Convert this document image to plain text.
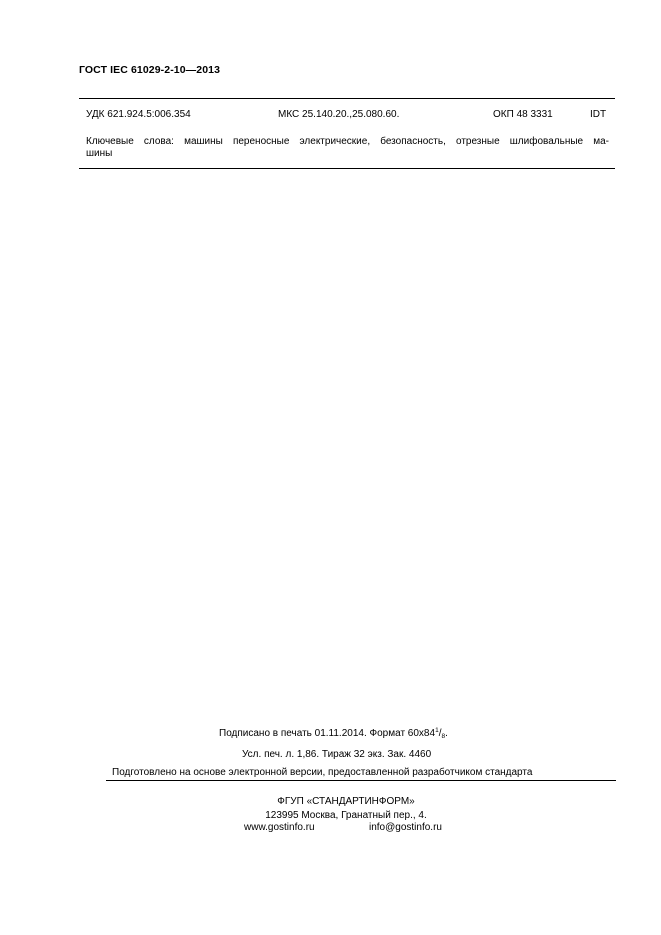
ГОСТ IEC 61029-2-10—2013
УДК 621.924.5:006.354	МКС 25.140.20.,25.080.60.	ОКП 48 3331	IDT
Ключевые слова: машины переносные электрические, безопасность, отрезные шлифовальные ма-
шины
Подписано в печать 01.11.2014. Формат $60x84^1/_8$.
Усл. печ. л. 1,86. Тираж 32 экз. Зак. 4460
Подготовлено на основе электронной версии, предоставленной разработчиком стандарта
ФГУП «СТАНДАРТИНФОРМ»
123995 Москва, Гранатный пер., 4.
www.gostinfo.ru	info@gostinfo.ru
